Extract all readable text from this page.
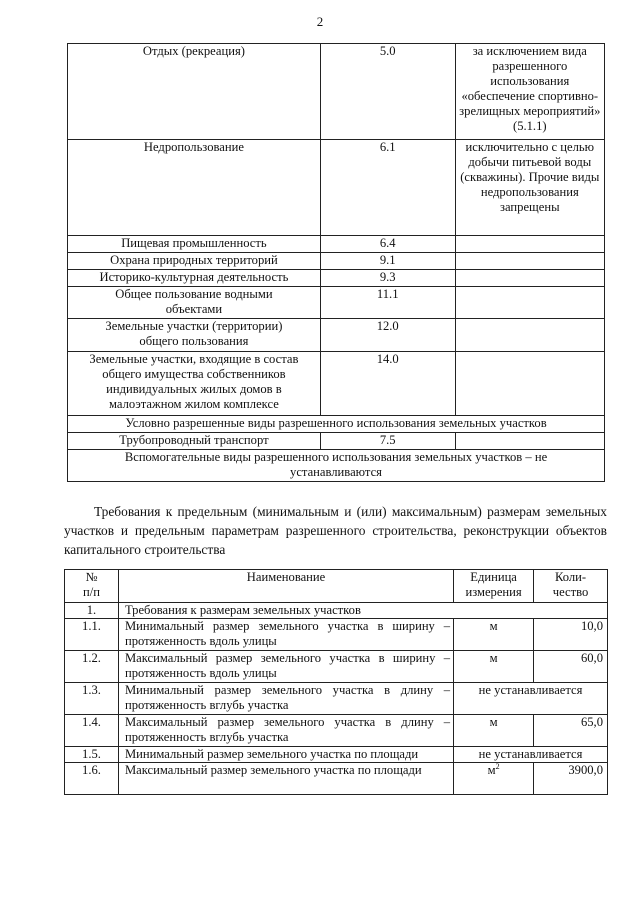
2
Отдых (рекреация)	5.0	за исключением вида разрешенного использования «обеспечение спортивно-зрелищных мероприятий» (5.1.1)
Недропользование	6.1	исключительно с целью добычи питьевой воды (скважины). Прочие виды недропользования запрещены
Пищевая промышленность	6.4	
Охрана природных территорий	9.1	
Историко-культурная деятельность	9.3	
Общее пользование водными объектами	11.1	
Земельные участки (территории) общего пользования	12.0	
Земельные участки, входящие в состав общего имущества собственников индивидуальных жилых домов в малоэтажном жилом комплексе	14.0	
Условно разрешенные виды разрешенного использования земельных участков		
Трубопроводный транспорт	7.5	
Вспомогательные виды разрешенного использования земельных участков – не устанавливаются		
Требования к предельным (минимальным и (или) максимальным) размерам земельных участков и предельным параметрам разрешенного строительства, реконструкции объектов капитального строительства
№ п/п	Наименование	Единица измерения	Коли-чество
1.	Требования к размерам земельных участков		
1.1.	Минимальный размер земельного участка в ширину – протяженность вдоль улицы	м	10,0
1.2.	Максимальный размер земельного участка в ширину – протяженность вдоль улицы	м	60,0
1.3.	Минимальный размер земельного участка в длину – протяженность вглубь участка	не устанавливается	
1.4.	Максимальный размер земельного участка в длину – протяженность вглубь участка	м	65,0
1.5.	Минимальный размер земельного участка по площади	не устанавливается	
1.6.	Максимальный размер земельного участка по площади	$м^2$	3900,0
